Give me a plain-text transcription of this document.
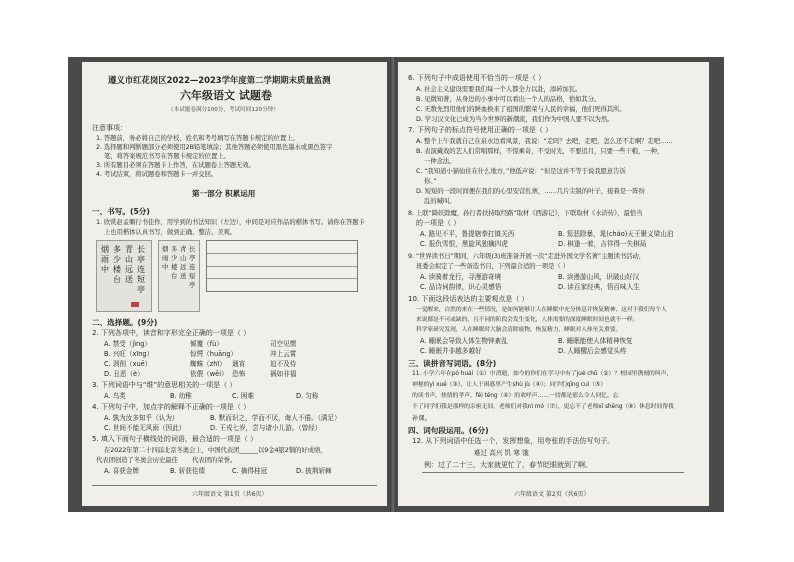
遵义市红花岗区2022—2023学年度第二学期期末质量监测
六年级语文 试题卷
（本试题卷满分100分，考试时间120分钟）
注意事项：
1. 答题前，务必将自己的学校、姓名和考号填写在答题卡规定的位置上。
2. 选择题和判断题部分必须使用2B铅笔填涂；其他答题必须使用黑色墨水或黑色签字
笔，将答案规范书写在答题卡规定的位置上。
3. 所有题目必须在答题卡上作答，在试题卷上答题无效。
4. 考试结束，将试题卷和答题卡一并交回。
第一部分 积累运用
一、书写。(5分)
1. 欣赏赵孟頫行书佳作，用学到的书法知识（左边），中间是对应作品的楷体书写。请你在答题卡
上也用楷体认真书写，做到正确、整洁、美观。
长亭连短亭
青山远送
多少楼台
烟雨中
长亭连短亭
青山远送
多少楼台
烟雨中
二、选择题。(9分)
2. 下列各项中，读音和字形完全正确的一项是（ ）
A. 禁受（jìnɡ）	倾覆（fù）	司空见惯
B. 兴旺（xīnɡ）	惊愕（huānɡ）	冲上云霄
C. 剥削（xuē）	蜘蛛（zhī） 通宵	迫不及待
D. 丑恶（è）	依偎（wēi） 恐怖	祸如非福
3. 下列词语中与“维”的意思相关的一项是（ ）
A. 鸟类	B. 幼稚	C. 困难	D. 匀称
4. 下列句子中，加点字的解释不正确的一项是（ ）
A. 孰为汝多知乎（认为）	B. 默而识之，学而不厌，诲人不倦。（满足）
C. 世间不能无风雨（因此）	D. 王戎七岁，尝与诸小儿游。（曾经）
5. 填入下面句子横线处的词语，最合适的一项是（ ）
在2022年第二十四届北京冬奥会上，中国代表团______以9金4银2铜的好成绩，
代表团创造了冬奥会历史最佳 代表团的荣誉。
A. 喜获金牌	B. 斩获佳绩	C. 摘得桂冠	D. 披荆斩棘
六年级语文 第1页（共6页）
6. 下列句子中成语使用不恰当的一项是（ ）
A. 社会主义建设需要我们每一个人都全力以赴，添砖加瓦。
B. 见微知著，从身边的小事中可以看出一个人的品格，恰如其分。
C. 无数先烈用他们的鲜血换来了祖国的繁荣与人民的幸福，他们死得其所。
D. 学习汉文化已成为当今世界的新潮流，我们作为中国人要不以为然。
7. 下列句子的标点符号使用正确的一项是（ ）
A. 整个上午我就自己在泉水边看风景，我说：“走吗？去吧，走吧，怎么还不走啊？走吧……
B. 表演藏戏的艺人们常唱那样，不惊乘奇，不受时光，不要追月，只要一些干粮，一种，
一种念法。
C. “我知道小猫仙住在什么地方，”他低声说：“但是这并不等于说我愿意告诉
你。”
D. 短短的一段时间便在我们的心里安营扎寨，……几片尖锐的叶子，接着是一阵纷
乱的喊叫。
8. 上联“降妖除魔，孙行者扶持取经路”取材《西游记》，下联取材《水浒传》，最恰当
的一项是（ ）
A. 路见不平，鲁提辖拳打镇关西	B. 惩恶除暴，晁(cháo)天王聚义梁山泊
C. 报仇雪恨，黑旋风独擒四虎	D. 棋逢一着，吉祥得一失棋局
9. “世界读书日”期间，六年级(3)班准备开展一次“走进外国文学名著”主题读书活动，
班委会拟定了一些备选书目，下列最合适的一项是（ ）
A. 读骑着龙行，寻漫游奇境	B. 读漫游山风，识破山好汉
C. 品诗词韵律，识心灵感悟	D. 读百家经典，悟百味人生
10. 下面这段话表达的主要观点是（ ）
一觉醒来，自然的来在一些情况，是如何能够让人在睡眠中充分休息并恢复精神，这对于我们每个人
来说都是不可或缺的，且不同的阶段会发生变化，人体需要的深度睡眠时间也就不一样。
科学家研究发现，人在睡眠时大脑会清除废物，恢复精力，睡眠对人体至关重要。
A. 睡眠会导致人体生物钟紊乱	B. 睡眠能使人体精神恢复
C. 睡眠并非越多越好	D. 人睡醒后会感觉头疼
三、读拼音写词语。(8分)
11. 小学六年在pó huái（①）中消逝，如今的你们在学习中有了jué chū（②）？校园里镌刻的叫声，
神秘的yì xué（③），让人于困惑里产生shù jù（④）；同学们qīnɡ cuì（⑤）
的读书声，热情的孝声，féi téng（⑥）的欢呼声……一切都是那么令人回忆。忘
不了同学们我是那样的亲密无间，老师们对我nì mó（⑦），更忘不了老师xī shēng（⑧）休息时间帮我
补课。
四、词句段运用。(6分)
12. 从下列词语中任选一个，发挥想象，用夸张的手法仿写句子。
难过 高兴 饥 寒 饿
例：过了二十三，大家就更忙了，春节眨眼就到了啊。
六年级语文 第2页（共6页）
